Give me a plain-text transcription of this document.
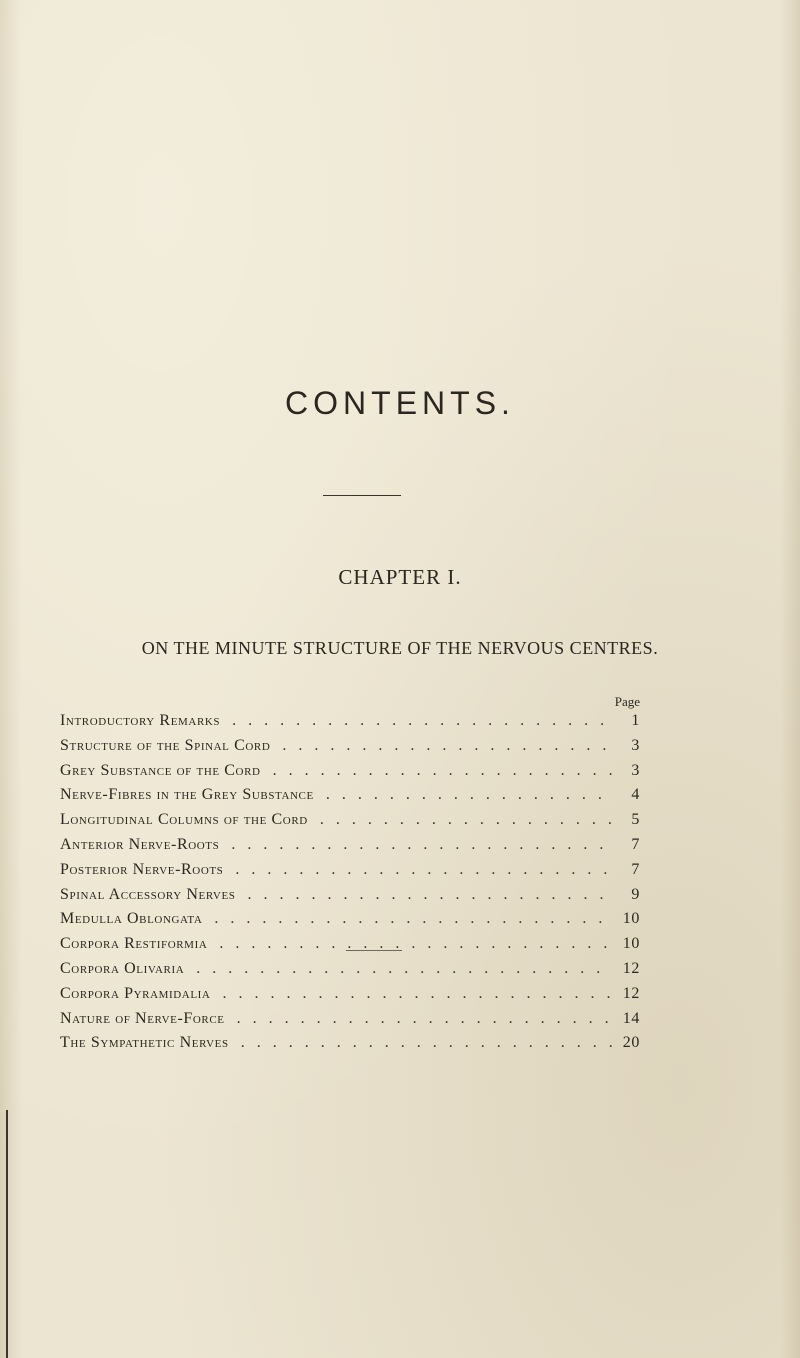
CONTENTS.
CHAPTER I.
ON THE MINUTE STRUCTURE OF THE NERVOUS CENTRES.
Page
Introductory Remarks . . .	1
Structure of the Spinal Cord . . .	3
Grey Substance of the Cord . . .	3
Nerve-Fibres in the Grey Substance . . .	4
Longitudinal Columns of the Cord . . .	5
Anterior Nerve-Roots . . .	7
Posterior Nerve-Roots . . .	7
Spinal Accessory Nerves . . .	9
Medulla Oblongata . . .	10
Corpora Restiformia . . .	10
Corpora Olivaria . . .	12
Corpora Pyramidalia . . .	12
Nature of Nerve-Force . . .	14
The Sympathetic Nerves . . .	20
